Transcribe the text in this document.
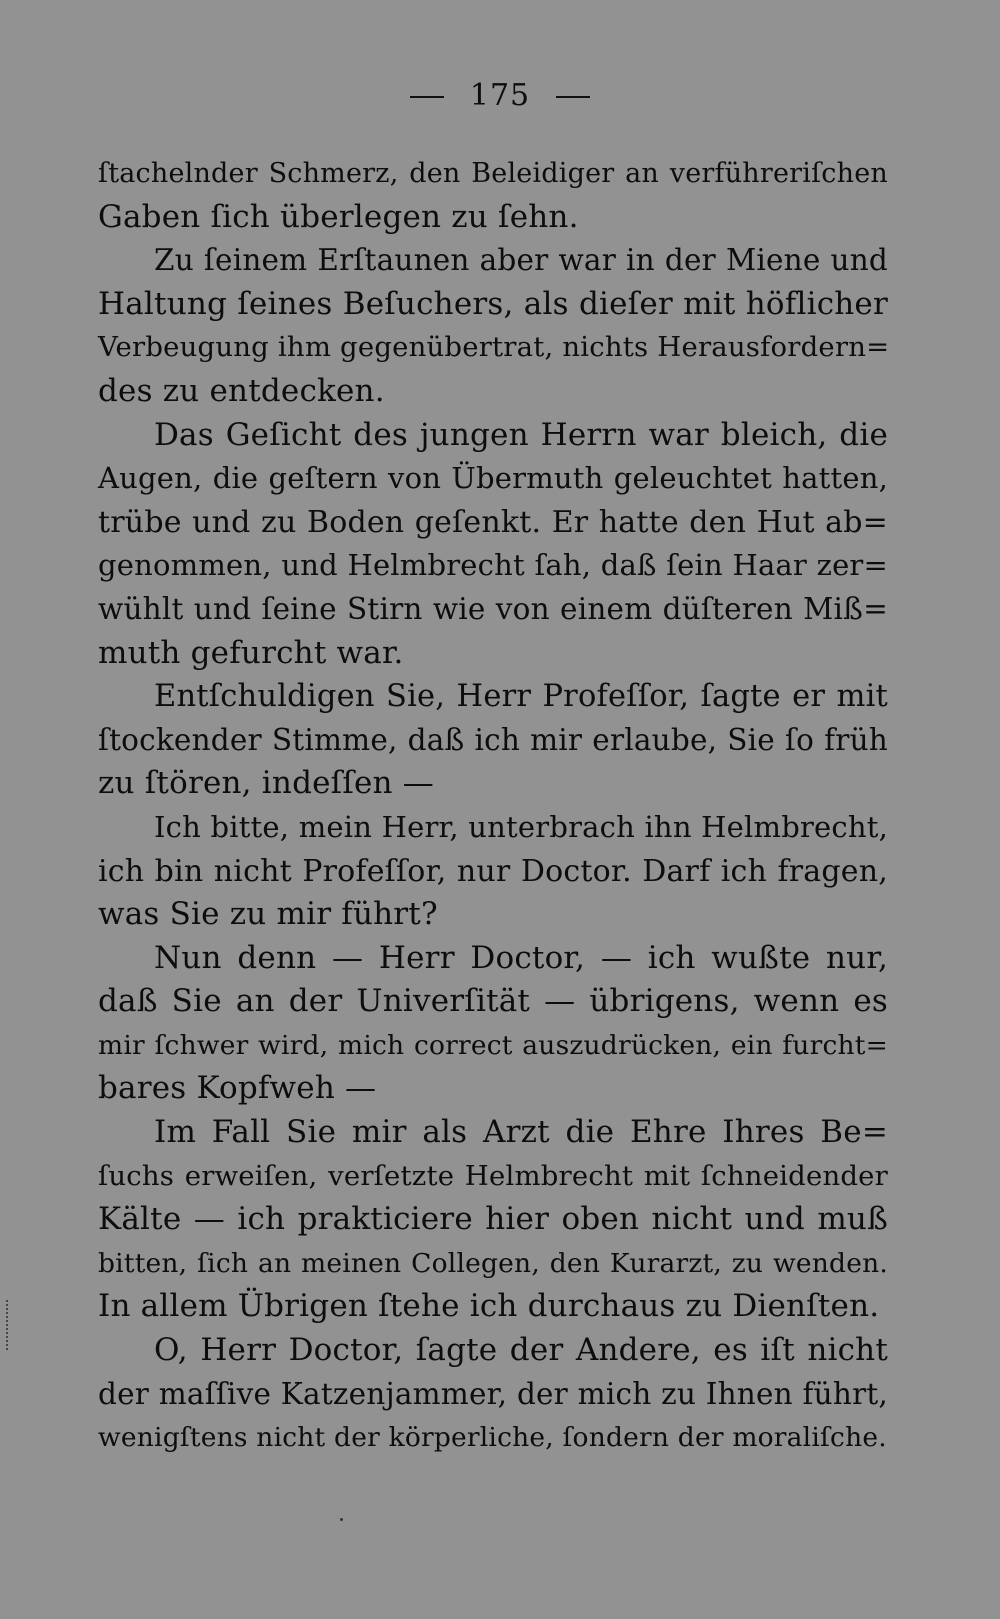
175
ſtachelnder Schmerz, den Beleidiger an verführeriſchen
Gaben ſich überlegen zu ſehn.
Zu ſeinem Erſtaunen aber war in der Miene und
Haltung ſeines Beſuchers, als dieſer mit höflicher
Verbeugung ihm gegenübertrat, nichts Herausfordern=
des zu entdecken.
Das Geſicht des jungen Herrn war bleich, die
Augen, die geſtern von Übermuth geleuchtet hatten,
trübe und zu Boden geſenkt. Er hatte den Hut ab=
genommen, und Helmbrecht ſah, daß ſein Haar zer=
wühlt und ſeine Stirn wie von einem düſteren Miß=
muth gefurcht war.
Entſchuldigen Sie, Herr Profeſſor, ſagte er mit
ſtockender Stimme, daß ich mir erlaube, Sie ſo früh
zu ſtören, indeſſen —
Ich bitte, mein Herr, unterbrach ihn Helmbrecht,
ich bin nicht Profeſſor, nur Doctor. Darf ich fragen,
was Sie zu mir führt?
Nun denn — Herr Doctor, — ich wußte nur,
daß Sie an der Univerſität — übrigens, wenn es
mir ſchwer wird, mich correct auszudrücken, ein furcht=
bares Kopfweh —
Im Fall Sie mir als Arzt die Ehre Ihres Be=
ſuchs erweiſen, verſetzte Helmbrecht mit ſchneidender
Kälte — ich prakticiere hier oben nicht und muß
bitten, ſich an meinen Collegen, den Kurarzt, zu wenden.
In allem Übrigen ſtehe ich durchaus zu Dienſten.
O, Herr Doctor, ſagte der Andere, es iſt nicht
der maſſive Katzenjammer, der mich zu Ihnen führt,
wenigſtens nicht der körperliche, ſondern der moraliſche.
